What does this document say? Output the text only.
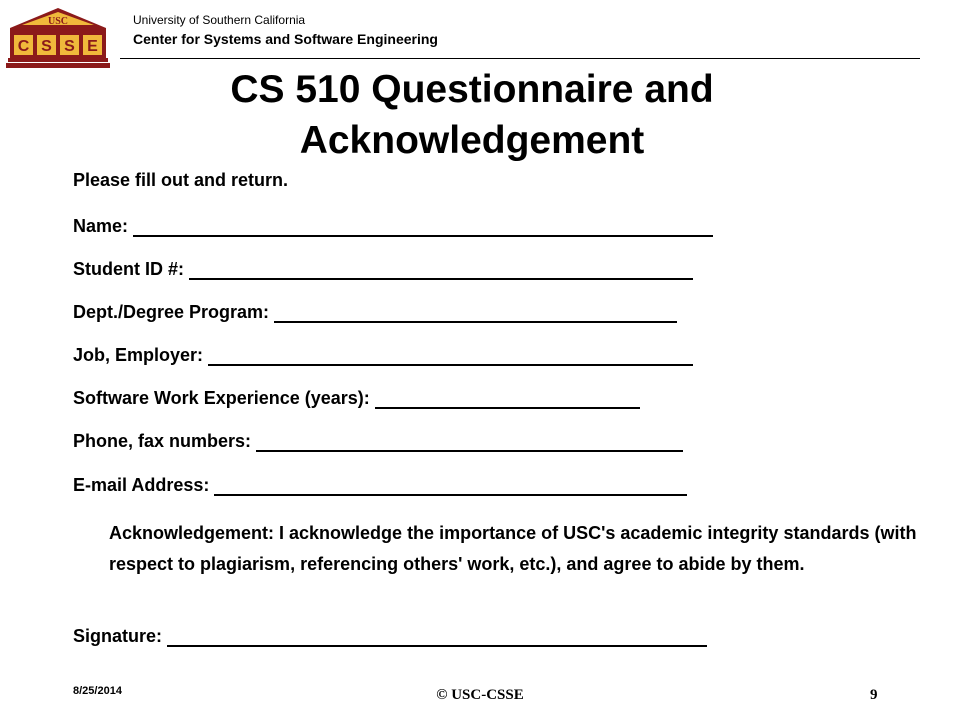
USC
C S S E
University of Southern California
Center for Systems and Software Engineering
CS 510 Questionnaire and Acknowledgement
Please fill out and return.
Name:
Student ID #:
Dept./Degree Program:
Job, Employer:
Software Work Experience (years):
Phone, fax numbers:
E-mail Address:
Acknowledgement: I acknowledge the importance of USC's academic integrity standards (with respect to plagiarism, referencing others' work, etc.), and agree to abide by them.
Signature:
8/25/2014	© USC-CSSE	9
